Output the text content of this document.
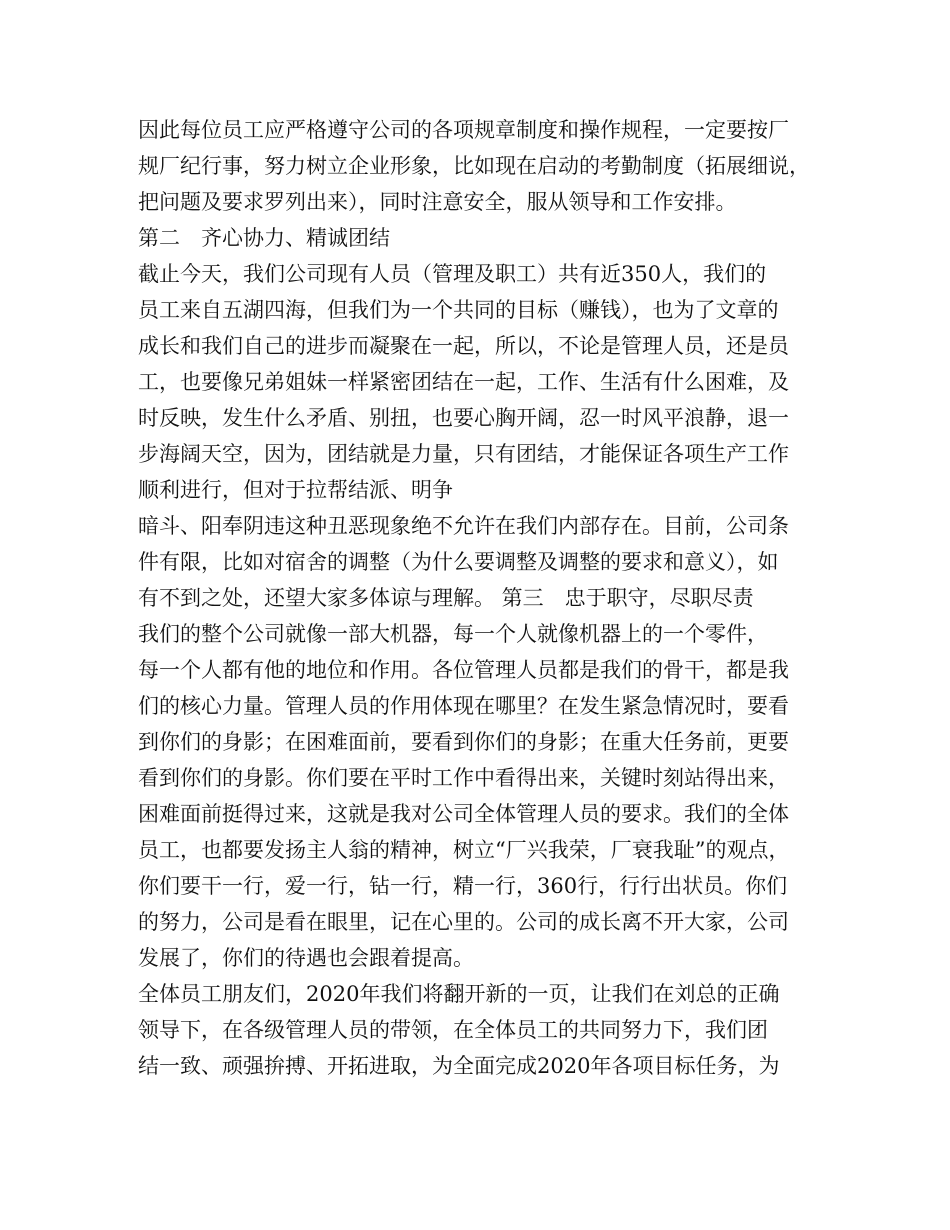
因此每位员工应严格遵守公司的各项规章制度和操作规程，一定要按厂
规厂纪行事，努力树立企业形象，比如现在启动的考勤制度（拓展细说，
把问题及要求罗列出来），同时注意安全，服从领导和工作安排。
第二　齐心协力、精诚团结
截止今天，我们公司现有人员（管理及职工）共有近350人，我们的
员工来自五湖四海，但我们为一个共同的目标（赚钱），也为了文章的
成长和我们自己的进步而凝聚在一起，所以，不论是管理人员，还是员
工，也要像兄弟姐妹一样紧密团结在一起，工作、生活有什么困难，及
时反映，发生什么矛盾、别扭，也要心胸开阔，忍一时风平浪静，退一
步海阔天空，因为，团结就是力量，只有团结，才能保证各项生产工作
顺利进行，但对于拉帮结派、明争
暗斗、阳奉阴违这种丑恶现象绝不允许在我们内部存在。目前，公司条
件有限，比如对宿舍的调整（为什么要调整及调整的要求和意义），如
有不到之处，还望大家多体谅与理解。 第三　忠于职守，尽职尽责
我们的整个公司就像一部大机器，每一个人就像机器上的一个零件，
每一个人都有他的地位和作用。各位管理人员都是我们的骨干，都是我
们的核心力量。管理人员的作用体现在哪里？在发生紧急情况时，要看
到你们的身影；在困难面前，要看到你们的身影；在重大任务前，更要
看到你们的身影。你们要在平时工作中看得出来，关键时刻站得出来，
困难面前挺得过来，这就是我对公司全体管理人员的要求。我们的全体
员工，也都要发扬主人翁的精神，树立“厂兴我荣，厂衰我耻”的观点，
你们要干一行，爱一行，钻一行，精一行，360行，行行出状员。你们
的努力，公司是看在眼里，记在心里的。公司的成长离不开大家，公司
发展了，你们的待遇也会跟着提高。
全体员工朋友们，2020年我们将翻开新的一页，让我们在刘总的正确
领导下，在各级管理人员的带领，在全体员工的共同努力下，我们团
结一致、顽强拚搏、开拓进取，为全面完成2020年各项目标任务，为
